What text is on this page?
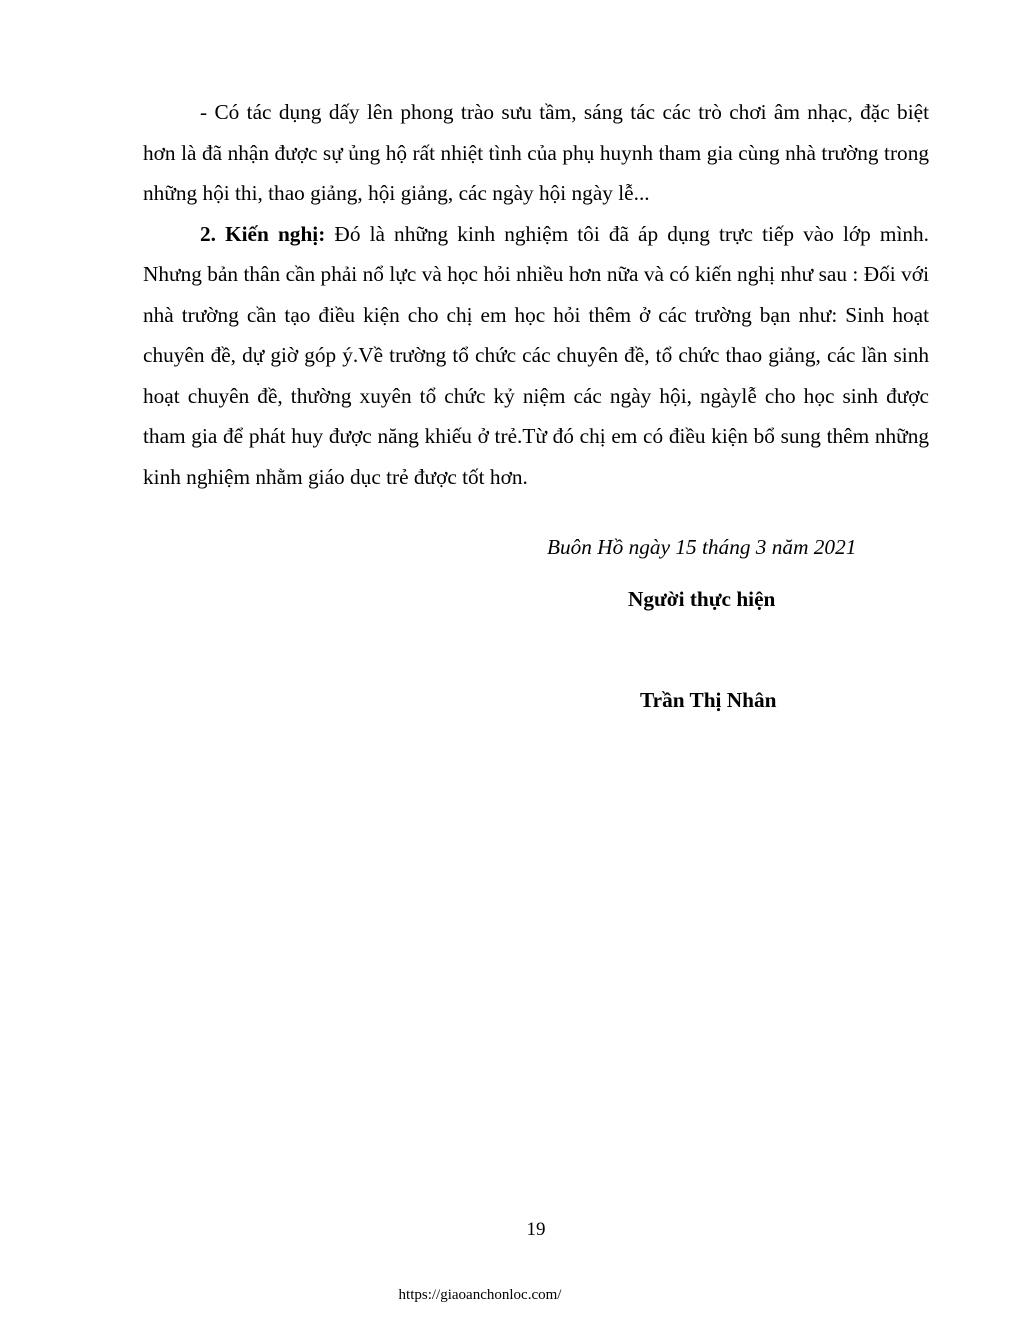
- Có tác dụng dấy lên phong trào sưu tầm, sáng tác các trò chơi âm nhạc, đặc biệt hơn là đã nhận được sự ủng hộ rất nhiệt tình của phụ huynh tham gia cùng nhà trường trong những hội thi, thao giảng, hội giảng, các ngày hội ngày lễ...

2. Kiến nghị: Đó là những kinh nghiệm tôi đã áp dụng trực tiếp vào lớp mình. Nhưng bản thân cần phải nổ lực và học hỏi nhiều hơn nữa và có kiến nghị như sau : Đối với nhà trường cần tạo điều kiện cho chị em học hỏi thêm ở các trường bạn như: Sinh hoạt chuyên đề, dự giờ góp ý.Về trường tổ chức các chuyên đề, tổ chức thao giảng, các lần sinh hoạt chuyên đề, thường xuyên tổ chức kỷ niệm các ngày hội, ngàylễ cho học sinh được tham gia để phát huy được năng khiếu ở trẻ.Từ đó chị em có điều kiện bổ sung thêm những kinh nghiệm nhằm giáo dục trẻ được tốt hơn.

Buôn Hồ ngày 15 tháng 3 năm 2021
Người thực hiện
Trần Thị Nhân
19
https://giaoanchonloc.com/
